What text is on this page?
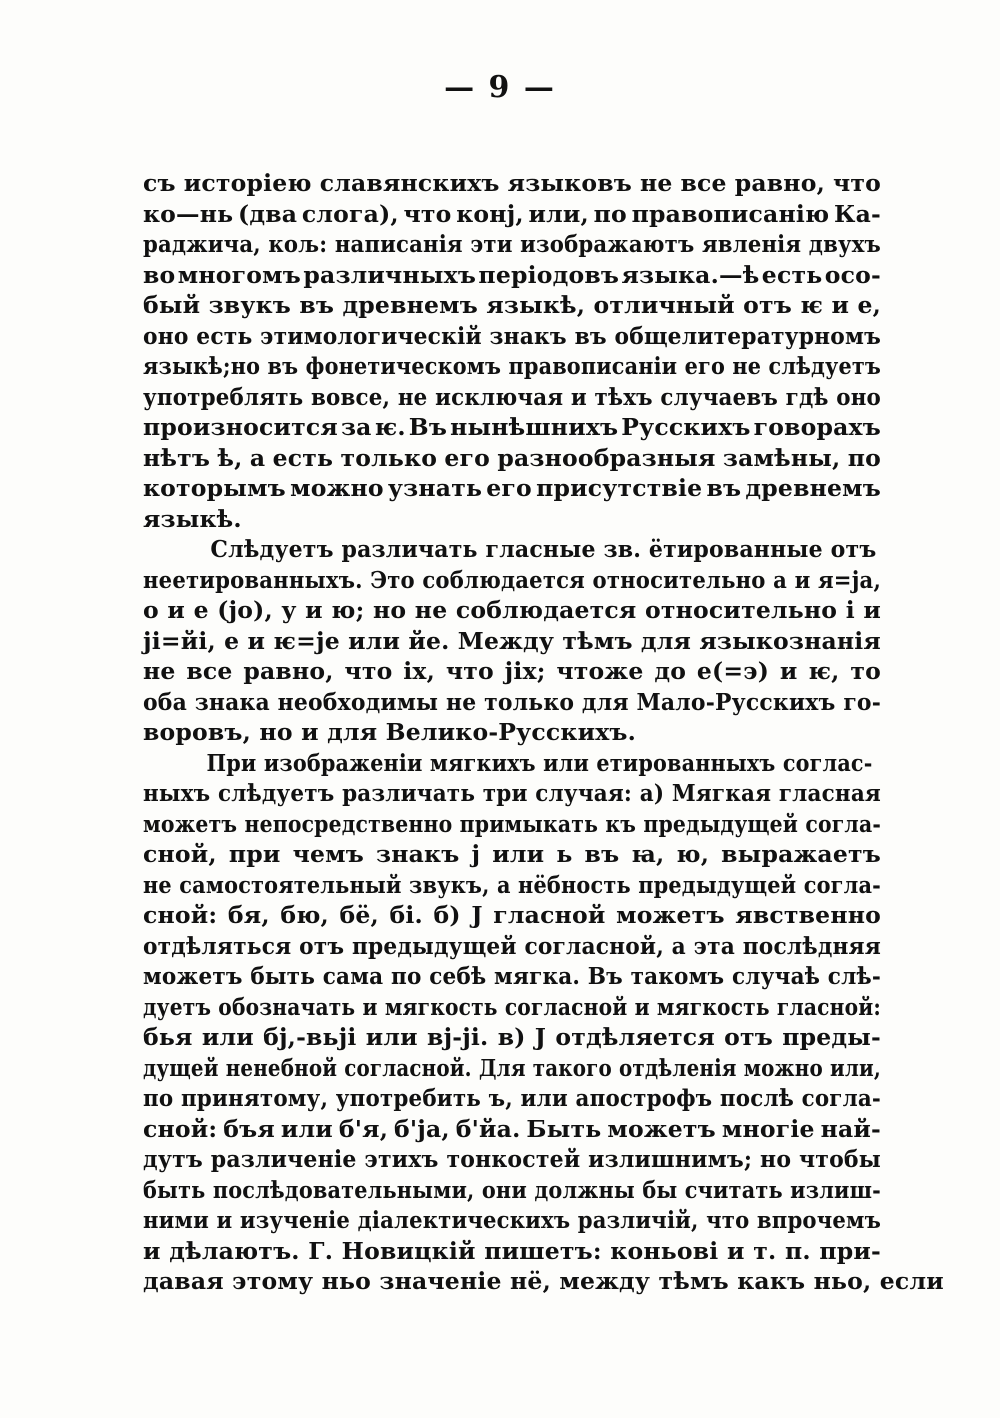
— 9 —
съ исторіею славянскихъ языковъ не все равно, что
ко—нь (два слога), что конј, или, по правописанію Ка-
раджича, кољ: написанія эти изображаютъ явленія двухъ
во многомъ различныхъ періодовъ языка.—ѣ есть осо-
бый звукъ въ древнемъ языкѣ, отличный отъ ѥ и е,
оно есть этимологическій знакъ въ общелитературномъ
языкѣ;но въ фонетическомъ правописаніи его не слѣдуетъ
употреблять вовсе, не исключая и тѣхъ случаевъ гдѣ оно
произносится за ѥ. Въ нынѣшнихъ Русскихъ говорахъ
нѣтъ ѣ, а есть только его разнообразныя замѣны, по
которымъ можно узнать его присутствіе въ древнемъ
языкѣ.
Слѣдуетъ различать гласные зв. ётированные отъ
неетированныхъ. Это соблюдается относительно а и я=ја,
о и е (јо), у и ю; но не соблюдается относительно і и
јі=йі, е и ѥ=је или йе. Между тѣмъ для языкознанія
не все равно, что іх, что јіх; чтоже до е(=э) и ѥ, то
оба знака необходимы не только для Мало-Русскихъ го-
воровъ, но и для Велико-Русскихъ.
При изображеніи мягкихъ или етированныхъ соглас-
ныхъ слѣдуетъ различать три случая: а) Мягкая гласная
можетъ непосредственно примыкать къ предыдущей согла-
сной, при чемъ знакъ ј или ь въ ꙗ, ю, выражаетъ
не самостоятельный звукъ, а нёбность предыдущей согла-
сной: бя, бю, бё, бі. б) Ј гласной можетъ явственно
отдѣляться отъ предыдущей согласной, а эта послѣдняя
можетъ быть сама по себѣ мягка. Въ такомъ случаѣ слѣ-
дуетъ обозначать и мягкость согласной и мягкость гласной:
бья или бј,-вьјі или вј-јі. в) Ј отдѣляется отъ преды-
дущей ненебной согласной. Для такого отдѣленія можно или,
по принятому, употребить ъ, или апострофъ послѣ согла-
сной: бъя или б'я, б'ја, б'йа. Быть можетъ многіе най-
дутъ различеніе этихъ тонкостей излишнимъ; но чтобы
быть послѣдовательными, они должны бы считать излиш-
ними и изученіе діалектическихъ различій, что впрочемъ
и дѣлаютъ. Г. Новицкій пишетъ: коньові и т. п. при-
давая этому ньо значеніе нё, между тѣмъ какъ ньо, если
